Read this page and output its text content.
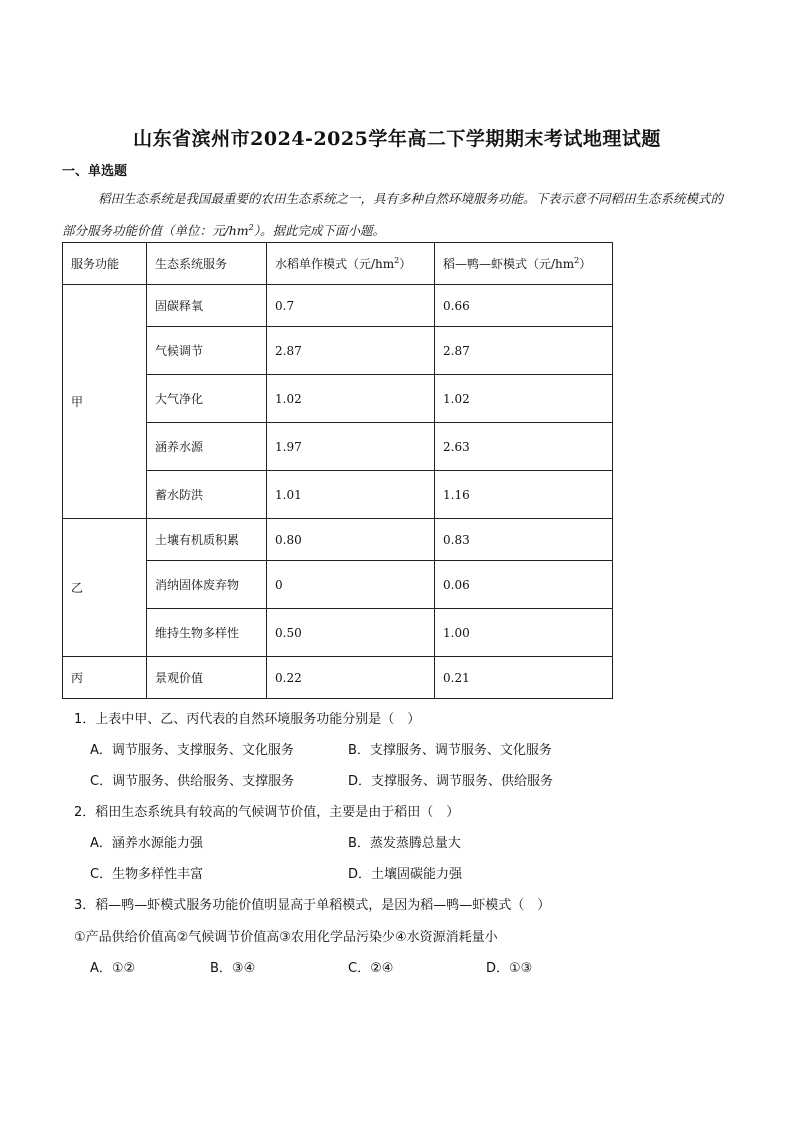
山东省滨州市2024-2025学年高二下学期期末考试地理试题
一、单选题
稻田生态系统是我国最重要的农田生态系统之一，具有多种自然环境服务功能。下表示意不同稻田生态系统模式的部分服务功能价值（单位：元$/hm^2$）。据此完成下面小题。
服务功能	生态系统服务	水稻单作模式（元$/hm^2$）	稻—鸭—虾模式（元$/hm^2$）
甲	固碳释氧	0.7	0.66
	气候调节	2.87	2.87
	大气净化	1.02	1.02
	涵养水源	1.97	2.63
	蓄水防洪	1.01	1.16
乙	土壤有机质积累	0.80	0.83
	消纳固体废弃物	0	0.06
	维持生物多样性	0.50	1.00
丙	景观价值	0.22	0.21
1．上表中甲、乙、丙代表的自然环境服务功能分别是（　）
A．调节服务、支撑服务、文化服务	B．支撑服务、调节服务、文化服务
C．调节服务、供给服务、支撑服务	D．支撑服务、调节服务、供给服务
2．稻田生态系统具有较高的气候调节价值，主要是由于稻田（　）
A．涵养水源能力强	B．蒸发蒸腾总量大
C．生物多样性丰富	D．土壤固碳能力强
3．稻—鸭—虾模式服务功能价值明显高于单稻模式，是因为稻—鸭—虾模式（　）
①产品供给价值高②气候调节价值高③农用化学品污染少④水资源消耗量小
A．①②	B．③④	C．②④	D．①③
